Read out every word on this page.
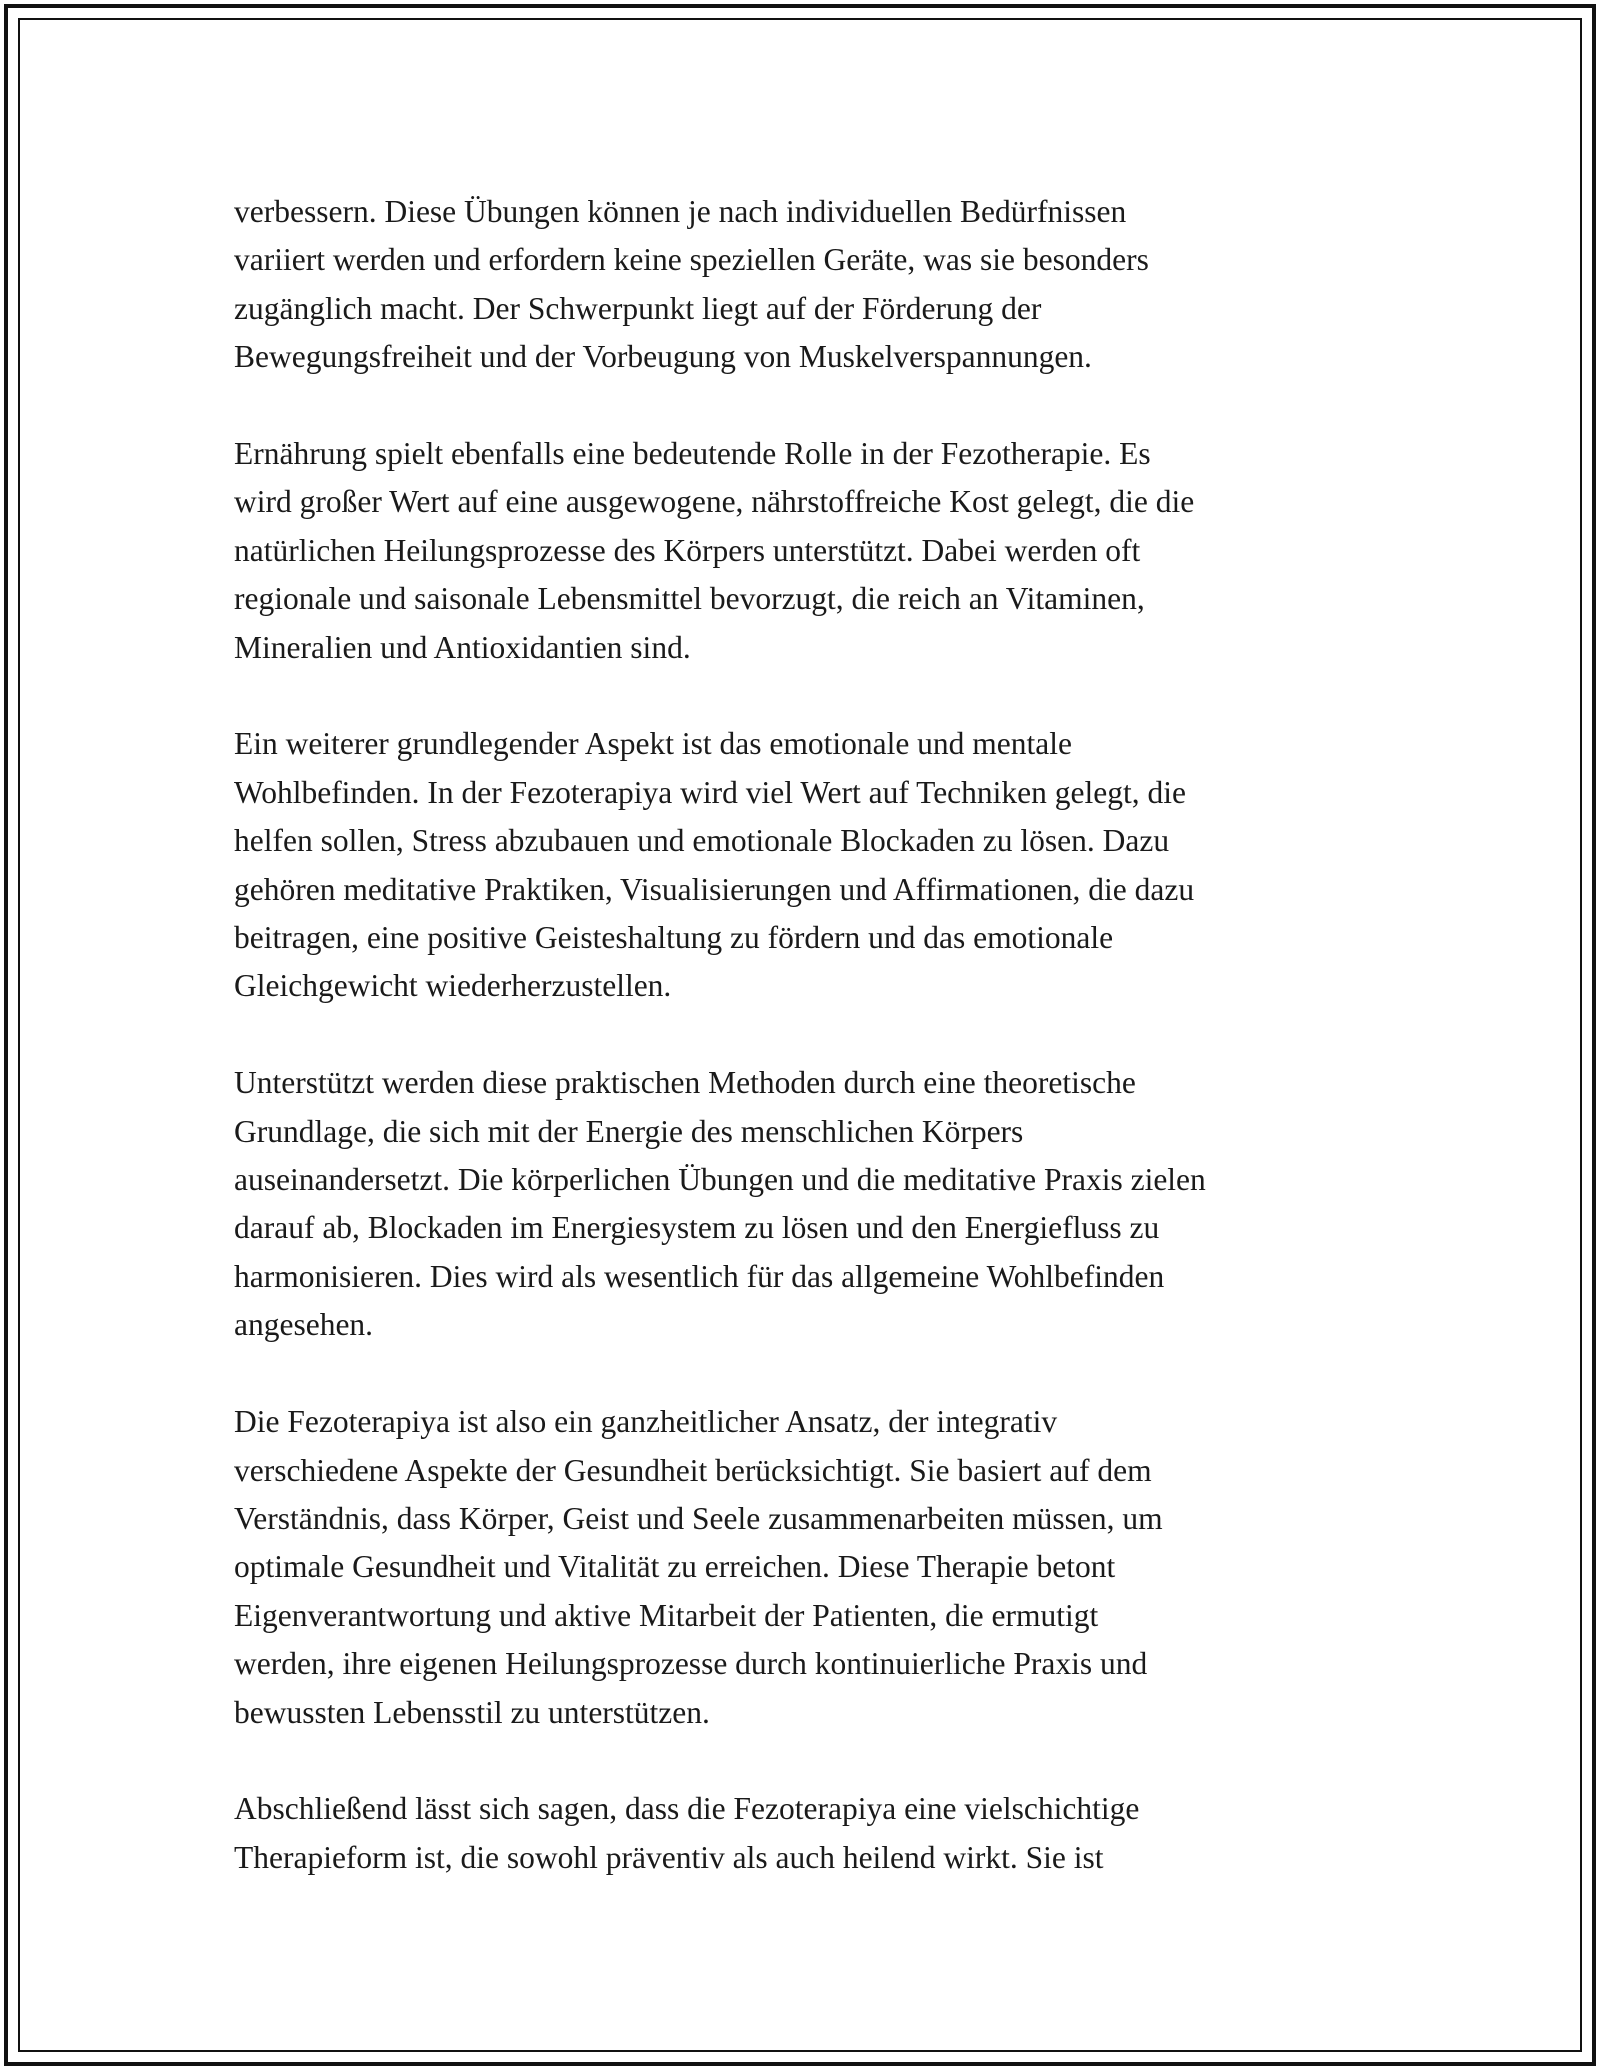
verbessern. Diese Übungen können je nach individuellen Bedürfnissen
variiert werden und erfordern keine speziellen Geräte, was sie besonders
zugänglich macht. Der Schwerpunkt liegt auf der Förderung der
Bewegungsfreiheit und der Vorbeugung von Muskelverspannungen.

Ernährung spielt ebenfalls eine bedeutende Rolle in der Fezotherapie. Es
wird großer Wert auf eine ausgewogene, nährstoffreiche Kost gelegt, die die
natürlichen Heilungsprozesse des Körpers unterstützt. Dabei werden oft
regionale und saisonale Lebensmittel bevorzugt, die reich an Vitaminen,
Mineralien und Antioxidantien sind.

Ein weiterer grundlegender Aspekt ist das emotionale und mentale
Wohlbefinden. In der Fezoterapiya wird viel Wert auf Techniken gelegt, die
helfen sollen, Stress abzubauen und emotionale Blockaden zu lösen. Dazu
gehören meditative Praktiken, Visualisierungen und Affirmationen, die dazu
beitragen, eine positive Geisteshaltung zu fördern und das emotionale
Gleichgewicht wiederherzustellen.

Unterstützt werden diese praktischen Methoden durch eine theoretische
Grundlage, die sich mit der Energie des menschlichen Körpers
auseinandersetzt. Die körperlichen Übungen und die meditative Praxis zielen
darauf ab, Blockaden im Energiesystem zu lösen und den Energiefluss zu
harmonisieren. Dies wird als wesentlich für das allgemeine Wohlbefinden
angesehen.

Die Fezoterapiya ist also ein ganzheitlicher Ansatz, der integrativ
verschiedene Aspekte der Gesundheit berücksichtigt. Sie basiert auf dem
Verständnis, dass Körper, Geist und Seele zusammenarbeiten müssen, um
optimale Gesundheit und Vitalität zu erreichen. Diese Therapie betont
Eigenverantwortung und aktive Mitarbeit der Patienten, die ermutigt
werden, ihre eigenen Heilungsprozesse durch kontinuierliche Praxis und
bewussten Lebensstil zu unterstützen.

Abschließend lässt sich sagen, dass die Fezoterapiya eine vielschichtige
Therapieform ist, die sowohl präventiv als auch heilend wirkt. Sie ist
